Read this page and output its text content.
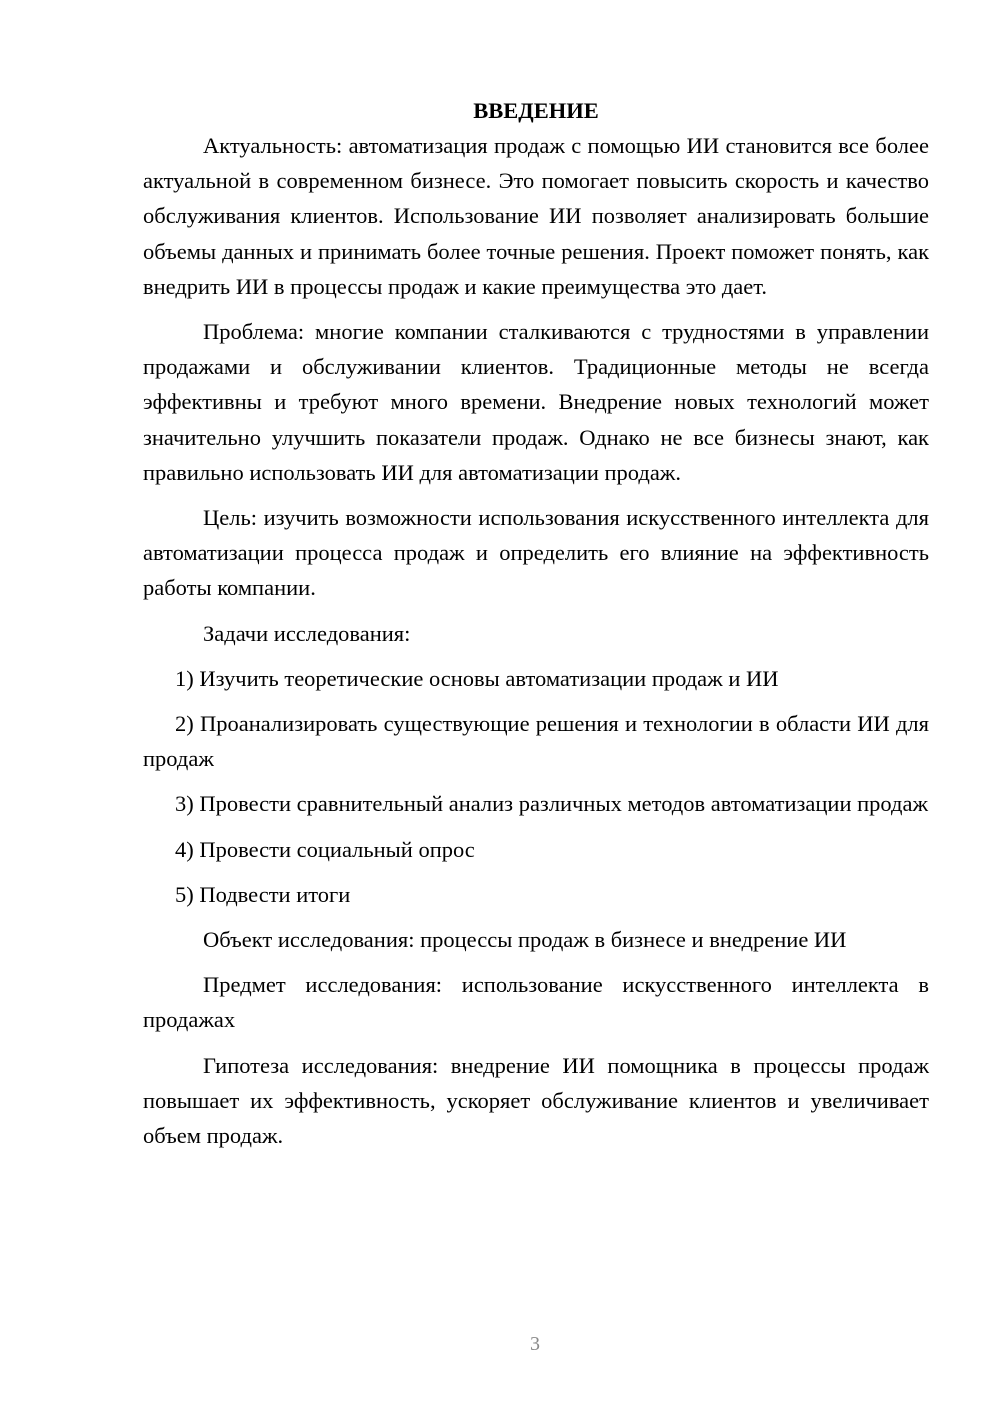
ВВЕДЕНИЕ

Актуальность: автоматизация продаж с помощью ИИ становится все более актуальной в современном бизнесе. Это помогает повысить скорость и качество обслуживания клиентов. Использование ИИ позволяет анализировать большие объемы данных и принимать более точные решения. Проект поможет понять, как внедрить ИИ в процессы продаж и какие преимущества это дает.

Проблема: многие компании сталкиваются с трудностями в управлении продажами и обслуживании клиентов. Традиционные методы не всегда эффективны и требуют много времени. Внедрение новых технологий может значительно улучшить показатели продаж. Однако не все бизнесы знают, как правильно использовать ИИ для автоматизации продаж.

Цель: изучить возможности использования искусственного интеллекта для автоматизации процесса продаж и определить его влияние на эффективность работы компании.

Задачи исследования:

1) Изучить теоретические основы автоматизации продаж и ИИ

2) Проанализировать существующие решения и технологии в области ИИ для продаж

3) Провести сравнительный анализ различных методов автоматизации продаж

4) Провести социальный опрос

5) Подвести итоги

Объект исследования: процессы продаж в бизнесе и внедрение ИИ

Предмет исследования: использование искусственного интеллекта в продажах

Гипотеза исследования: внедрение ИИ помощника в процессы продаж повышает их эффективность, ускоряет обслуживание клиентов и увеличивает объем продаж.

3
